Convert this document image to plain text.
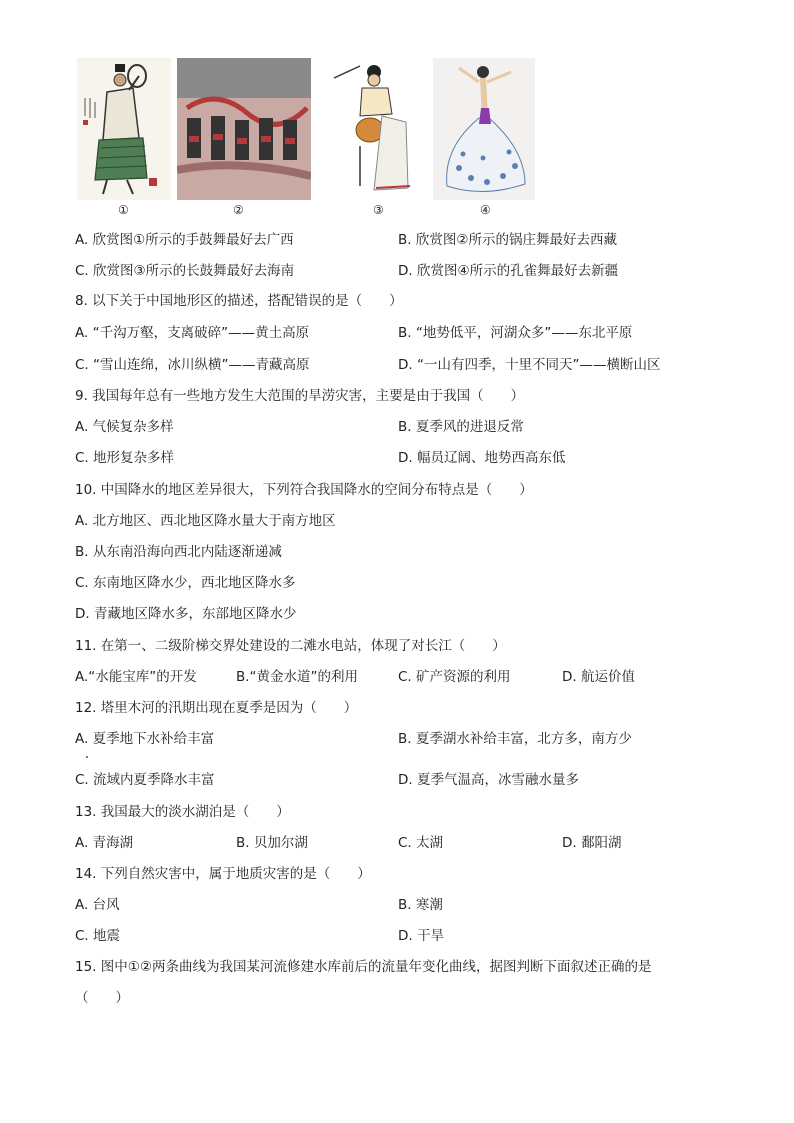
①	②	③	④
A. 欣赏图①所示的手鼓舞最好去广西	B. 欣赏图②所示的锅庄舞最好去西藏
C. 欣赏图③所示的长鼓舞最好去海南	D. 欣赏图④所示的孔雀舞最好去新疆
8. 以下关于中国地形区的描述，搭配错误的是（　　）
A. “千沟万壑，支离破碎”——黄土高原	B. “地势低平，河湖众多”——东北平原
C. “雪山连绵，冰川纵横”——青藏高原	D. “一山有四季，十里不同天”——横断山区
9. 我国每年总有一些地方发生大范围的旱涝灾害，主要是由于我国（　　）
A. 气候复杂多样	B. 夏季风的进退反常
C. 地形复杂多样	D. 幅员辽阔、地势西高东低
10. 中国降水的地区差异很大，下列符合我国降水的空间分布特点是（　　）
A. 北方地区、西北地区降水量大于南方地区
B. 从东南沿海向西北内陆逐渐递减
C. 东南地区降水少，西北地区降水多
D. 青藏地区降水多，东部地区降水少
11. 在第一、二级阶梯交界处建设的二滩水电站，体现了对长江（　　）
A.“水能宝库”的开发	B.“黄金水道”的利用	C. 矿产资源的利用	D. 航运价值
12. 塔里木河的汛期出现在夏季是因为（　　）
A. 夏季地下水补给丰富	B. 夏季湖水补给丰富，北方多，南方少
C. 流域内夏季降水丰富	D. 夏季气温高，冰雪融水量多
13. 我国最大的淡水湖泊是（　　）
A. 青海湖	B. 贝加尔湖	C. 太湖	D. 鄱阳湖
14. 下列自然灾害中，属于地质灾害的是（　　）
A. 台风	B. 寒潮
C. 地震	D. 干旱
15. 图中①②两条曲线为我国某河流修建水库前后的流量年变化曲线，据图判断下面叙述正确的是
（　　）
